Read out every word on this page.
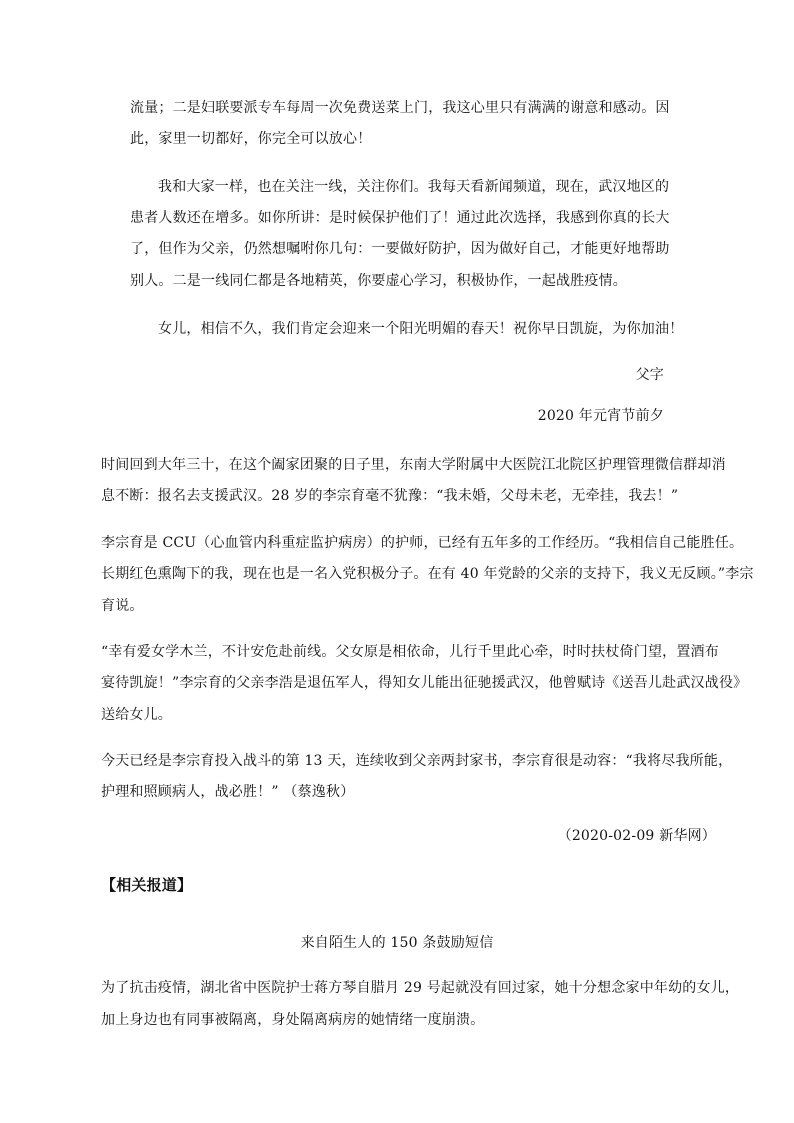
流量；二是妇联要派专车每周一次免费送菜上门，我这心里只有满满的谢意和感动。因
此，家里一切都好，你完全可以放心！
我和大家一样，也在关注一线，关注你们。我每天看新闻频道，现在，武汉地区的
患者人数还在增多。如你所讲：是时候保护他们了！通过此次选择，我感到你真的长大
了，但作为父亲，仍然想嘱咐你几句：一要做好防护，因为做好自己，才能更好地帮助
别人。二是一线同仁都是各地精英，你要虚心学习，积极协作，一起战胜疫情。
女儿，相信不久，我们肯定会迎来一个阳光明媚的春天！祝你早日凯旋，为你加油！
父字
2020 年元宵节前夕
时间回到大年三十，在这个阖家团聚的日子里，东南大学附属中大医院江北院区护理管理微信群却消
息不断：报名去支援武汉。28 岁的李宗育毫不犹豫：“我未婚，父母未老，无牵挂，我去！”
李宗育是 CCU（心血管内科重症监护病房）的护师，已经有五年多的工作经历。“我相信自己能胜任。
长期红色熏陶下的我，现在也是一名入党积极分子。在有 40 年党龄的父亲的支持下，我义无反顾。”李宗
育说。
“幸有爱女学木兰，不计安危赴前线。父女原是相依命，儿行千里此心牵，时时扶杖倚门望，置酒布
宴待凯旋！”李宗育的父亲李浩是退伍军人，得知女儿能出征驰援武汉，他曾赋诗《送吾儿赴武汉战役》
送给女儿。
今天已经是李宗育投入战斗的第 13 天，连续收到父亲两封家书，李宗育很是动容：“我将尽我所能，
护理和照顾病人，战必胜！” （蔡逸秋）
（2020-02-09 新华网）
【相关报道】
来自陌生人的 150 条鼓励短信
为了抗击疫情，湖北省中医院护士蒋方琴自腊月 29 号起就没有回过家，她十分想念家中年幼的女儿，
加上身边也有同事被隔离，身处隔离病房的她情绪一度崩溃。
